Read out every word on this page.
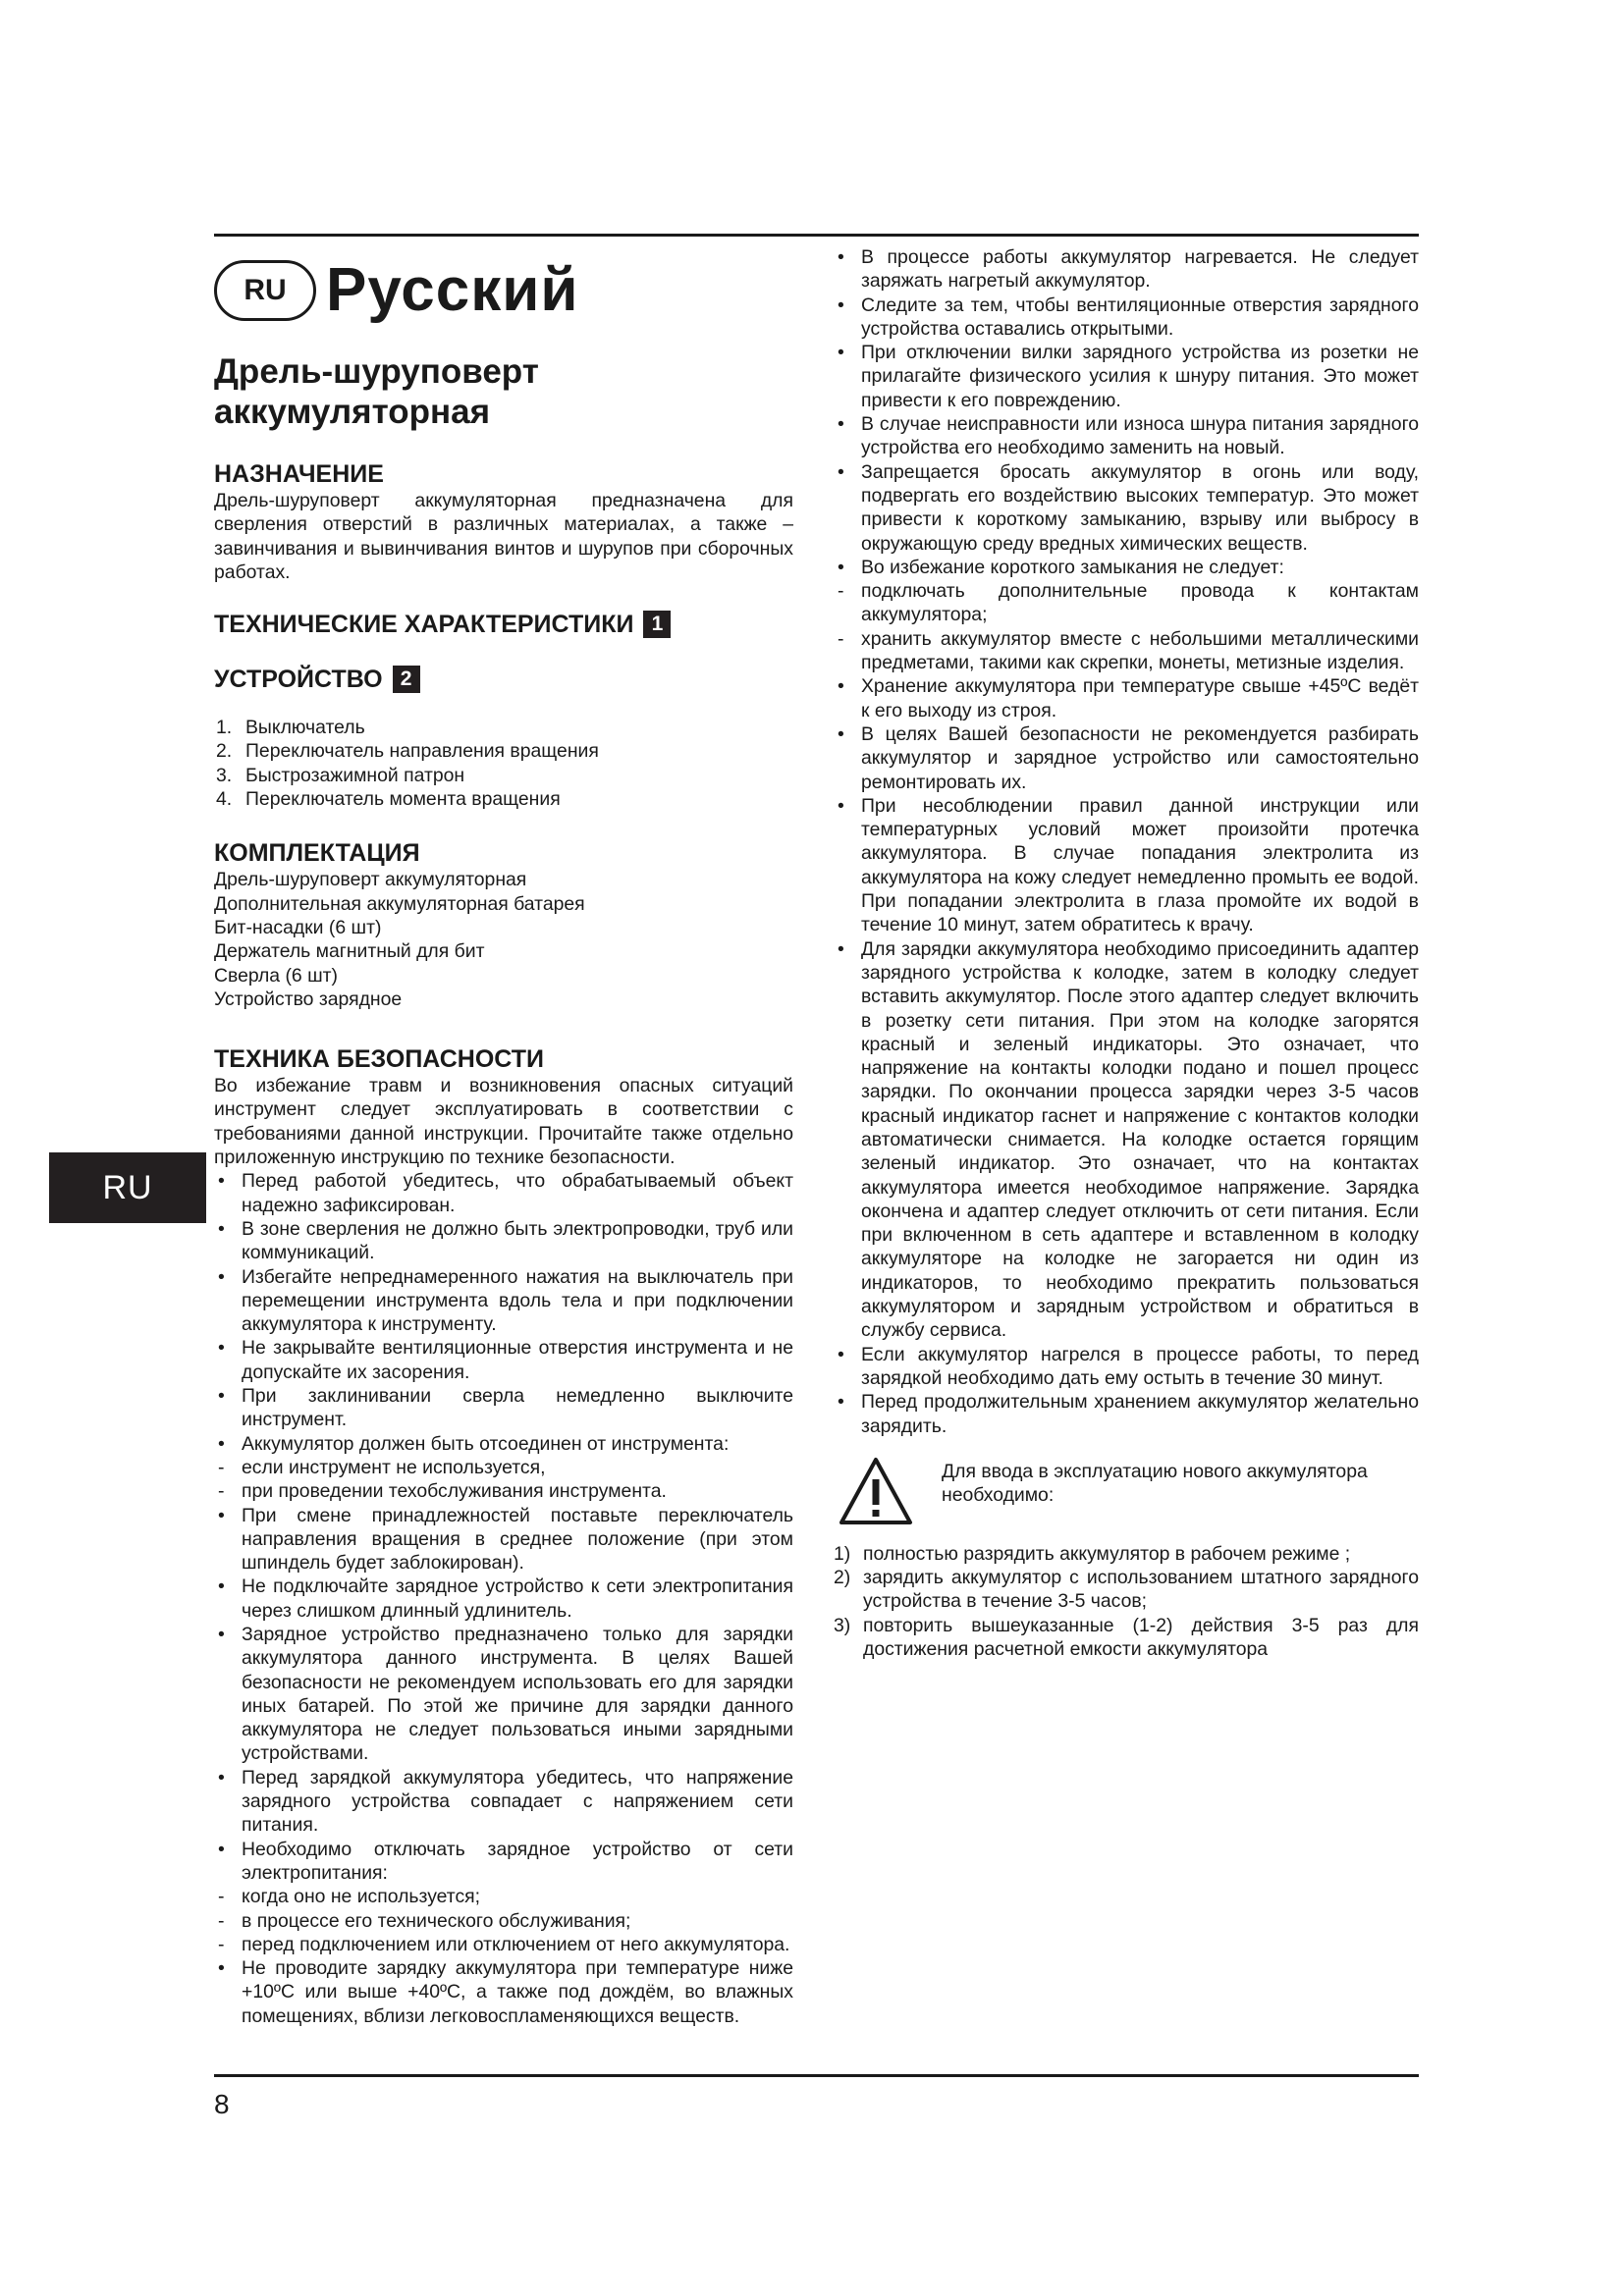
RU Русский
Дрель-шуруповерт аккумуляторная
НАЗНАЧЕНИЕ

Дрель-шуруповерт аккумуляторная предназначена для сверления отверстий в различных материалах, а также – завинчивания и вывинчивания винтов и шурупов при сборочных работах.

ТЕХНИЧЕСКИЕ ХАРАКТЕРИСТИКИ 1
УСТРОЙСТВО 2
1. Выключатель
2. Переключатель направления вращения
3. Быстрозажимной патрон
4. Переключатель момента вращения
КОМПЛЕКТАЦИЯ
Дрель-шуруповерт аккумуляторная
Дополнительная аккумуляторная батарея
Бит-насадки (6 шт)
Держатель магнитный для бит
Сверла (6 шт)
Устройство зарядное
ТЕХНИКА БЕЗОПАСНОСТИ

Во избежание травм и возникновения опасных ситуаций инструмент следует эксплуатировать в соответствии с требованиями данной инструкции. Прочитайте также отдельно приложенную инструкцию по технике безопасности.

• Перед работой убедитесь, что обрабатываемый объект надежно зафиксирован.
• В зоне сверления не должно быть электропроводки, труб или коммуникаций.
• Избегайте непреднамеренного нажатия на выключатель при перемещении инструмента вдоль тела и при подключении аккумулятора к инструменту.
• Не закрывайте вентиляционные отверстия инструмента и не допускайте их засорения.
• При заклинивании сверла немедленно выключите инструмент.
• Аккумулятор должен быть отсоединен от инструмента:
- если инструмент не используется,
- при проведении техобслуживания инструмента.
• При смене принадлежностей поставьте переключатель направления вращения в среднее положение (при этом шпиндель будет заблокирован).
• Не подключайте зарядное устройство к сети электропитания через слишком длинный удлинитель.
• Зарядное устройство предназначено только для зарядки аккумулятора данного инструмента. В целях Вашей безопасности не рекомендуем использовать его для зарядки иных батарей. По этой же причине для зарядки данного аккумулятора не следует пользоваться иными зарядными устройствами.
• Перед зарядкой аккумулятора убедитесь, что напряжение зарядного устройства совпадает с напряжением сети питания.
• Необходимо отключать зарядное устройство от сети электропитания:
- когда оно не используется;
- в процессе его технического обслуживания;
- перед подключением или отключением от него аккумулятора.
• Не проводите зарядку аккумулятора при температуре ниже +10ºС или выше +40ºС, а также под дождём, во влажных помещениях, вблизи легковоспламеняющихся веществ.
• В процессе работы аккумулятор нагревается. Не следует заряжать нагретый аккумулятор.
• Следите за тем, чтобы вентиляционные отверстия зарядного устройства оставались открытыми.
• При отключении вилки зарядного устройства из розетки не прилагайте физического усилия к шнуру питания. Это может привести к его повреждению.
• В случае неисправности или износа шнура питания зарядного устройства его необходимо заменить на новый.
• Запрещается бросать аккумулятор в огонь или воду, подвергать его воздействию высоких температур. Это может привести к короткому замыканию, взрыву или выбросу в окружающую среду вредных химических веществ.
• Во избежание короткого замыкания не следует:
- подключать дополнительные провода к контактам аккумулятора;
- хранить аккумулятор вместе с небольшими металлическими предметами, такими как скрепки, монеты, метизные изделия.
• Хранение аккумулятора при температуре свыше +45ºС ведёт к его выходу из строя.
• В целях Вашей безопасности не рекомендуется разбирать аккумулятор и зарядное устройство или самостоятельно ремонтировать их.
• При несоблюдении правил данной инструкции или температурных условий может произойти протечка аккумулятора. В случае попадания электролита из аккумулятора на кожу следует немедленно промыть ее водой. При попадании электролита в глаза промойте их водой в течение 10 минут, затем обратитесь к врачу.
• Для зарядки аккумулятора необходимо присоединить адаптер зарядного устройства к колодке, затем в колодку следует вставить аккумулятор. После этого адаптер следует включить в розетку сети питания. При этом на колодке загорятся красный и зеленый индикаторы. Это означает, что напряжение на контакты колодки подано и пошел процесс зарядки. По окончании процесса зарядки через 3-5 часов красный индикатор гаснет и напряжение с контактов колодки автоматически снимается. На колодке остается горящим зеленый индикатор. Это означает, что на контактах аккумулятора имеется необходимое напряжение. Зарядка окончена и адаптер следует отключить от сети питания. Если при включенном в сеть адаптере и вставленном в колодку аккумуляторе на колодке не загорается ни один из индикаторов, то необходимо прекратить пользоваться аккумулятором и зарядным устройством и обратиться в службу сервиса.
• Если аккумулятор нагрелся в процессе работы, то перед зарядкой необходимо дать ему остыть в течение 30 минут.
• Перед продолжительным хранением аккумулятор желательно зарядить.
Для ввода в эксплуатацию нового аккумулятора необходимо:
1) полностью разрядить аккумулятор в рабочем режиме ;
2) зарядить аккумулятор с использованием штатного зарядного устройства в течение 3-5 часов;
3) повторить вышеуказанные (1-2) действия 3-5 раз для достижения расчетной емкости аккумулятора
RU
8
